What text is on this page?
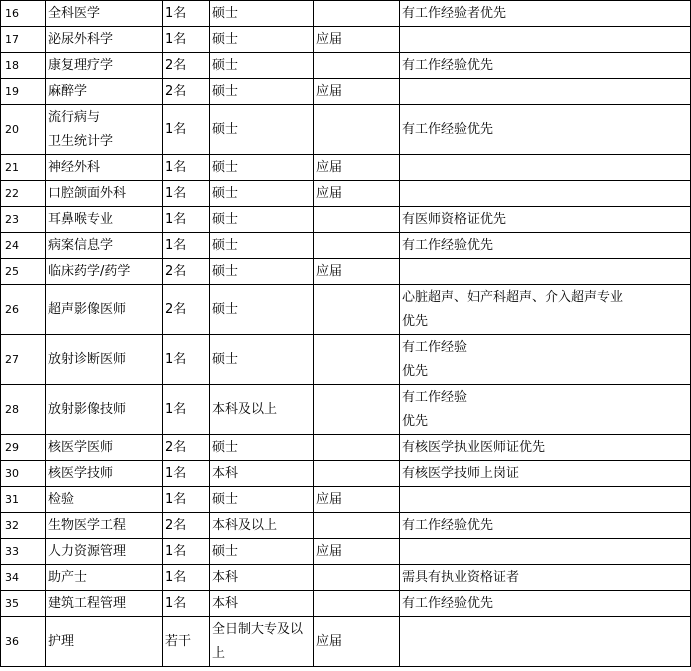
16	全科医学	1名	硕士		有工作经验者优先
17	泌尿外科学	1名	硕士	应届	
18	康复理疗学	2名	硕士		有工作经验优先
19	麻醉学	2名	硕士	应届	
20	流行病与
卫生统计学	1名	硕士		有工作经验优先
21	神经外科	1名	硕士	应届	
22	口腔颌面外科	1名	硕士	应届	
23	耳鼻喉专业	1名	硕士		有医师资格证优先
24	病案信息学	1名	硕士		有工作经验优先
25	临床药学/药学	2名	硕士	应届	
26	超声影像医师	2名	硕士		心脏超声、妇产科超声、介入超声专业
优先

27	放射诊断医师	1名	硕士		有工作经验
优先

28	放射影像技师	1名	本科及以上		有工作经验
优先

29	核医学医师	2名	硕士		有核医学执业医师证优先
30	核医学技师	1名	本科		有核医学技师上岗证
31	检验	1名	硕士	应届	
32	生物医学工程	2名	本科及以上		有工作经验优先
33	人力资源管理	1名	硕士	应届	
34	助产士	1名	本科		需具有执业资格证者
35	建筑工程管理	1名	本科		有工作经验优先
36	护理	若干	全日制大专及以
上	应届	
